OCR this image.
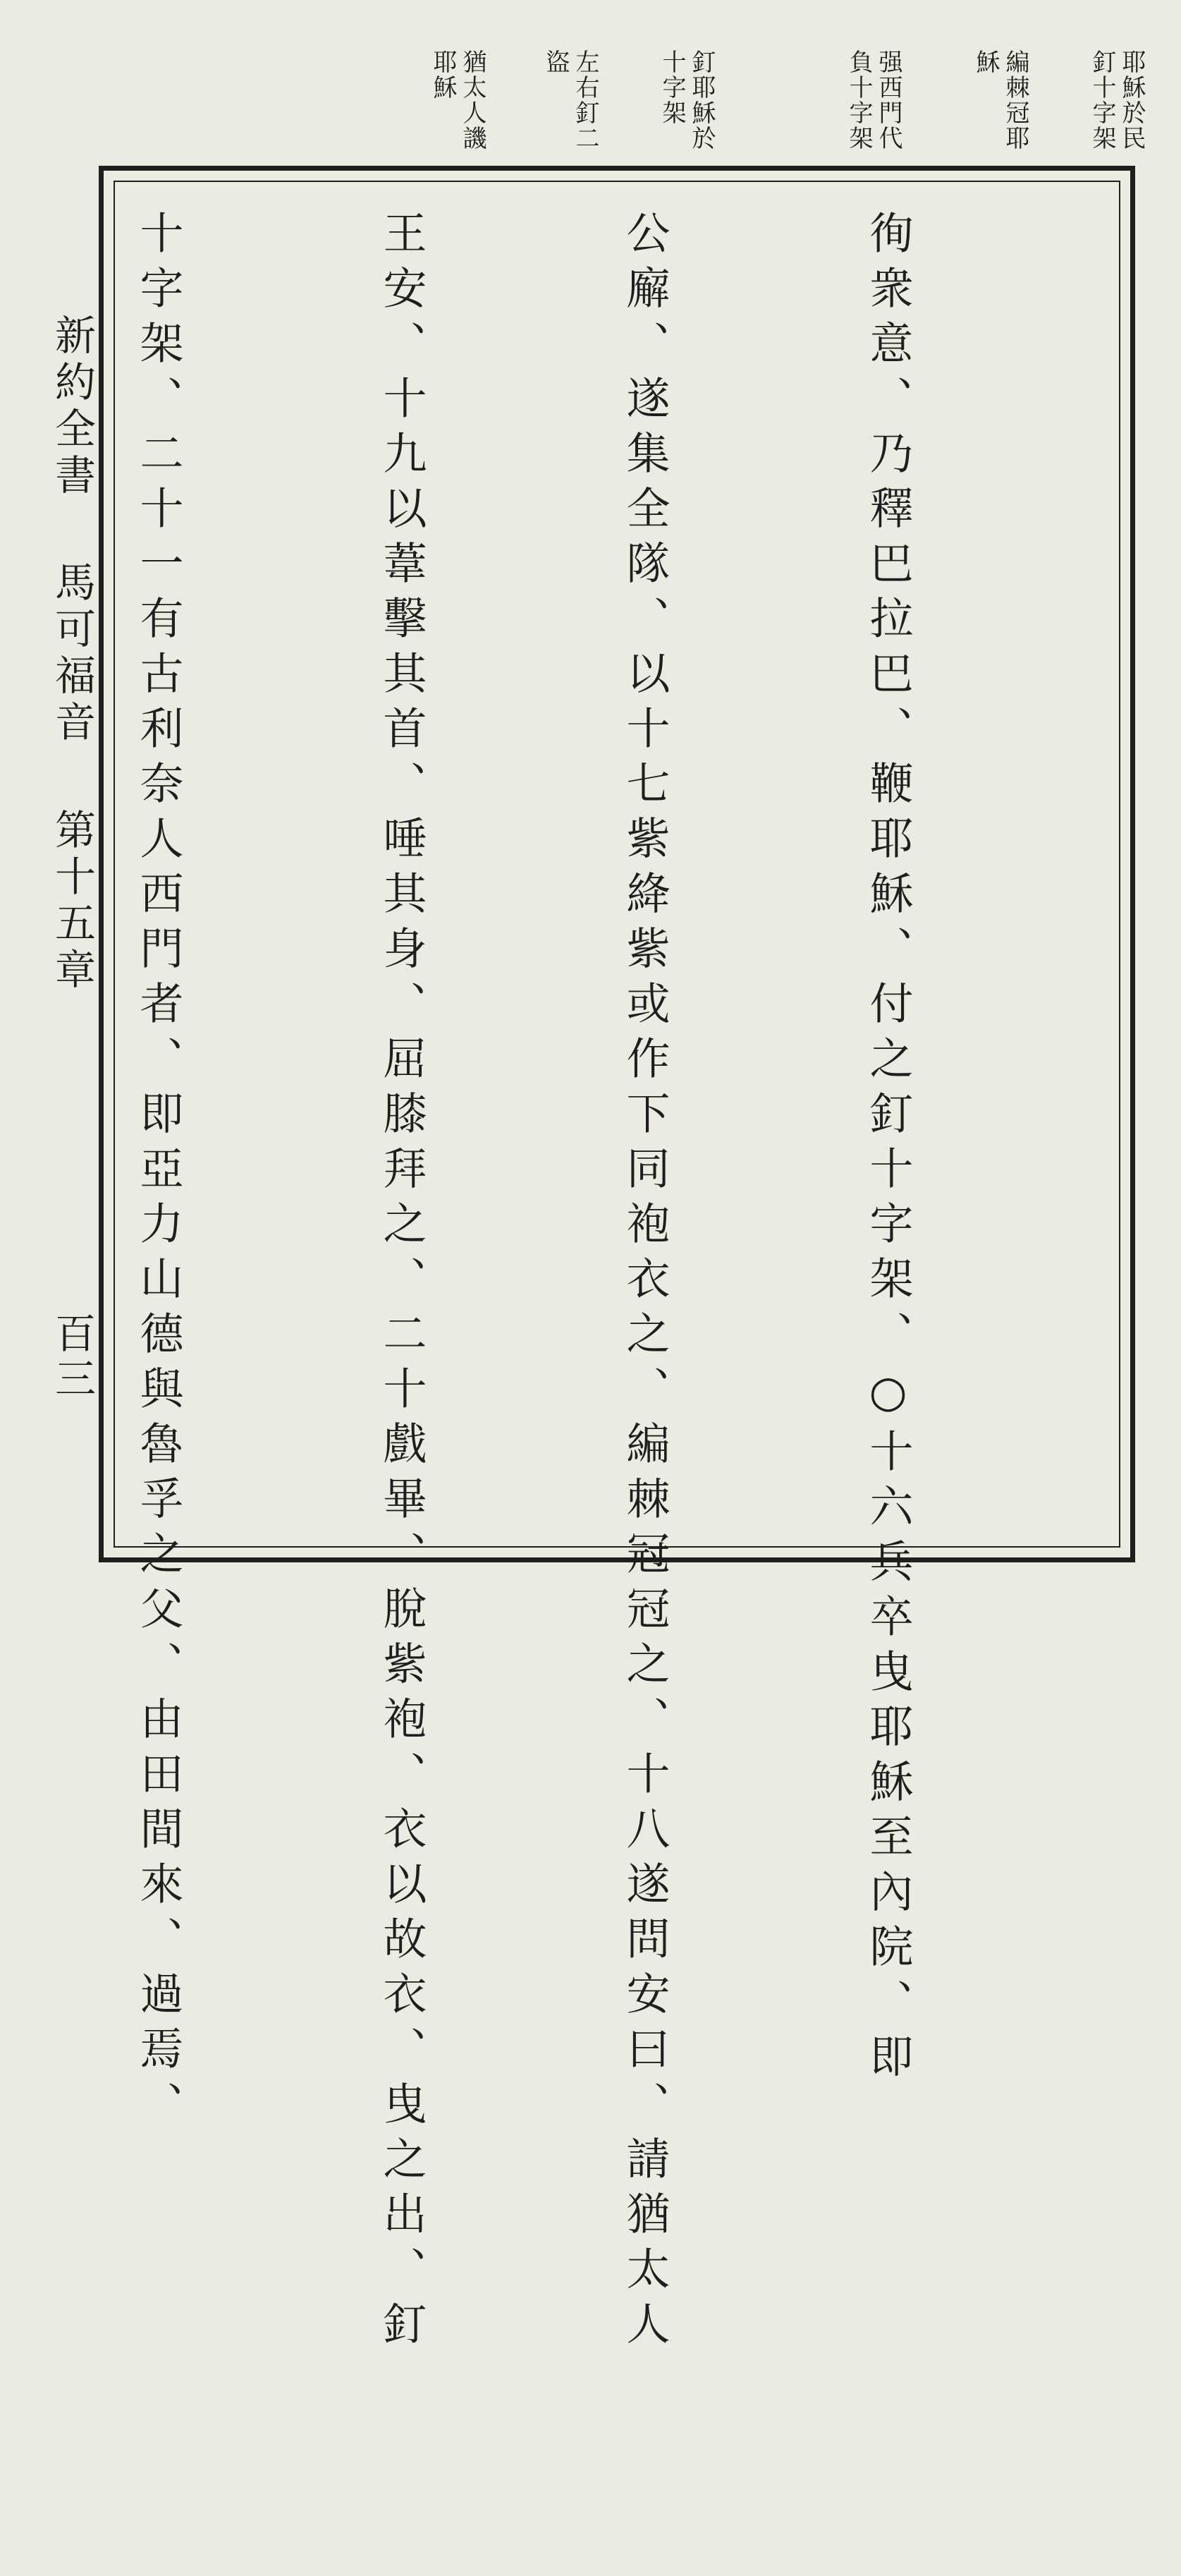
耶穌於民
釘十字架
編棘冠耶
穌
强西門代
負十字架
釘耶穌於
十字架
左右釘二
盜
猶太人譏
耶穌

徇衆意、乃釋巴拉巴、鞭耶穌、付之釘十字架、○十六兵卒曳耶穌至內院、即

公廨、遂集全隊、以十七紫絳紫或作下同袍衣之、編棘冠冠之、十八遂問安曰、請猶太人

王安、十九以葦擊其首、唾其身、屈膝拜之、二十戲畢、脫紫袍、衣以故衣、曳之出、釘

十字架、二十一有古利奈人西門者、即亞力山德與魯孚之父、由田間來、過焉、

新約全書 馬可福音 第十五章
百三
